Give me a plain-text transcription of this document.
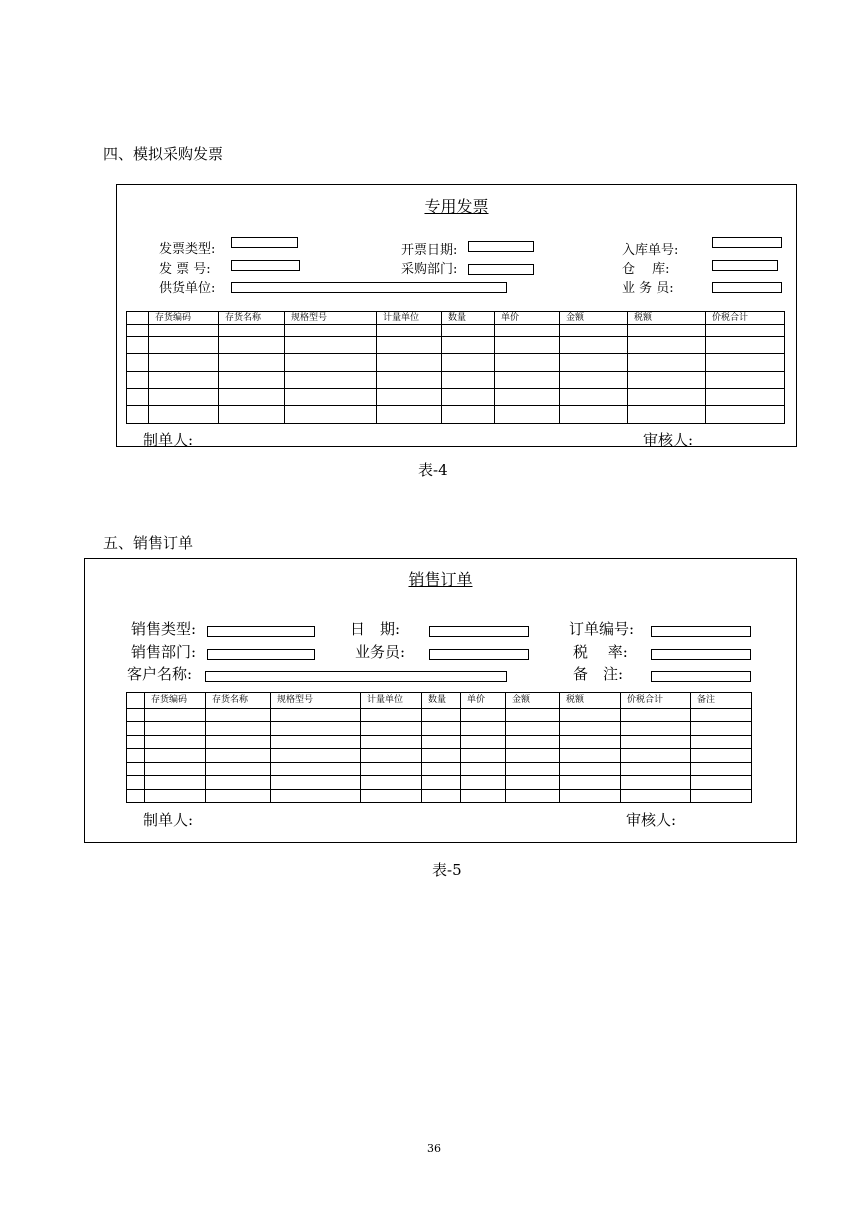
四、模拟采购发票
专用发票
发票类型:	开票日期:	入库单号:
发 票 号:	采购部门:	仓　 库:
供货单位:	业 务 员:
	存货编码	存货名称	规格型号	计量单位	数量	单价	金额	税额	价税合计

制单人:	审核人:
表-4
五、销售订单
销售订单
销售类型:	日　期:	订单编号:
销售部门:	业务员:	税　 率:
客户名称:	备　注:
	存货编码	存货名称	规格型号	计量单位	数量	单价	金额	税额	价税合计	备注

制单人:	审核人:
表-5
36
